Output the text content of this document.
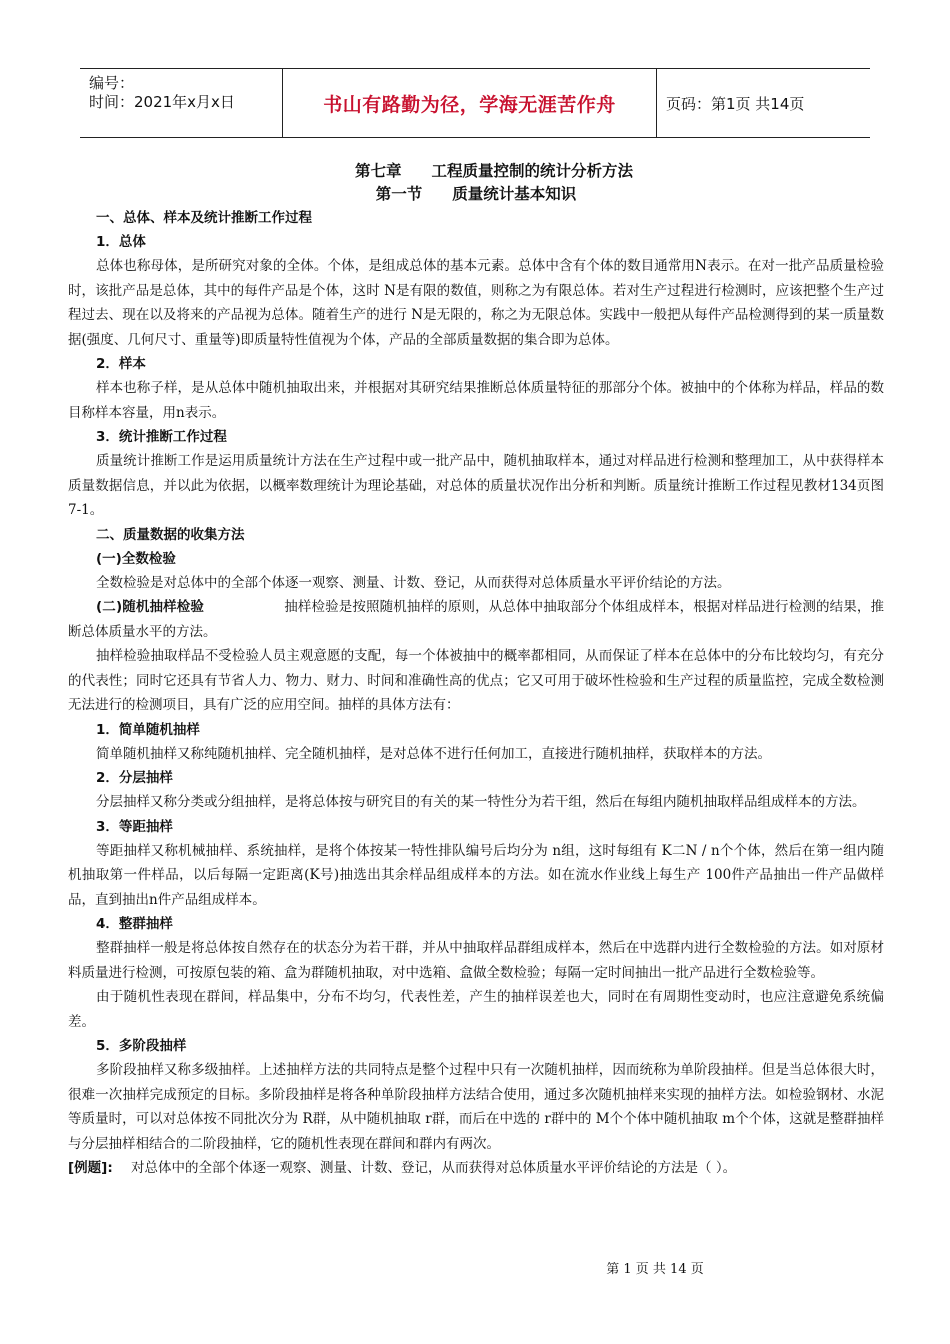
编号：
时间：2021年x月x日	书山有路勤为径，学海无涯苦作舟	页码：第1页 共14页
第七章 工程质量控制的统计分析方法
第一节 质量统计基本知识
一、总体、样本及统计推断工作过程
1．总体

总体也称母体，是所研究对象的全体。个体，是组成总体的基本元素。总体中含有个体的数目通常用N表示。在对一批产品质量检验时，该批产品是总体，其中的每件产品是个体，这时 N是有限的数值，则称之为有限总体。若对生产过程进行检测时，应该把整个生产过程过去、现在以及将来的产品视为总体。随着生产的进行 N是无限的，称之为无限总体。实践中一般把从每件产品检测得到的某一质量数据(强度、几何尺寸、重量等)即质量特性值视为个体，产品的全部质量数据的集合即为总体。

2．样本

样本也称子样，是从总体中随机抽取出来，并根据对其研究结果推断总体质量特征的那部分个体。被抽中的个体称为样品，样品的数目称样本容量，用n表示。

3．统计推断工作过程

质量统计推断工作是运用质量统计方法在生产过程中或一批产品中，随机抽取样本，通过对样品进行检测和整理加工，从中获得样本质量数据信息，并以此为依据，以概率数理统计为理论基础，对总体的质量状况作出分析和判断。质量统计推断工作过程见教材134页图7-1。

二、质量数据的收集方法
(一)全数检验

全数检验是对总体中的全部个体逐一观察、测量、计数、登记，从而获得对总体质量水平评价结论的方法。

(二)随机抽样检验	抽样检验是按照随机抽样的原则，从总体中抽取部分个体组成样本，根据对样品进行检测的结果，推断总体质量水平的方法。

抽样检验抽取样品不受检验人员主观意愿的支配，每一个体被抽中的概率都相同，从而保证了样本在总体中的分布比较均匀，有充分的代表性；同时它还具有节省人力、物力、财力、时间和准确性高的优点；它又可用于破坏性检验和生产过程的质量监控，完成全数检测无法进行的检测项目，具有广泛的应用空间。抽样的具体方法有：

1．简单随机抽样

简单随机抽样又称纯随机抽样、完全随机抽样，是对总体不进行任何加工，直接进行随机抽样，获取样本的方法。

2．分层抽样

分层抽样又称分类或分组抽样，是将总体按与研究目的有关的某一特性分为若干组，然后在每组内随机抽取样品组成样本的方法。

3．等距抽样

等距抽样又称机械抽样、系统抽样，是将个体按某一特性排队编号后均分为 n组，这时每组有 K二N / n个个体，然后在第一组内随机抽取第一件样品，以后每隔一定距离(K号)抽选出其余样品组成样本的方法。如在流水作业线上每生产 100件产品抽出一件产品做样品，直到抽出n件产品组成样本。

4．整群抽样

整群抽样一般是将总体按自然存在的状态分为若干群，并从中抽取样品群组成样本，然后在中选群内进行全数检验的方法。如对原材料质量进行检测，可按原包装的箱、盒为群随机抽取，对中选箱、盒做全数检验；每隔一定时间抽出一批产品进行全数检验等。

由于随机性表现在群间，样品集中，分布不均匀，代表性差，产生的抽样误差也大，同时在有周期性变动时，也应注意避免系统偏差。

5．多阶段抽样

多阶段抽样又称多级抽样。上述抽样方法的共同特点是整个过程中只有一次随机抽样，因而统称为单阶段抽样。但是当总体很大时，很难一次抽样完成预定的目标。多阶段抽样是将各种单阶段抽样方法结合使用，通过多次随机抽样来实现的抽样方法。如检验钢材、水泥等质量时，可以对总体按不同批次分为 R群，从中随机抽取 r群，而后在中选的 r群中的 M个个体中随机抽取 m个个体，这就是整群抽样与分层抽样相结合的二阶段抽样，它的随机性表现在群间和群内有两次。

[例题]: 对总体中的全部个体逐一观察、测量、计数、登记，从而获得对总体质量水平评价结论的方法是（ ）。
第 1 页 共 14 页
